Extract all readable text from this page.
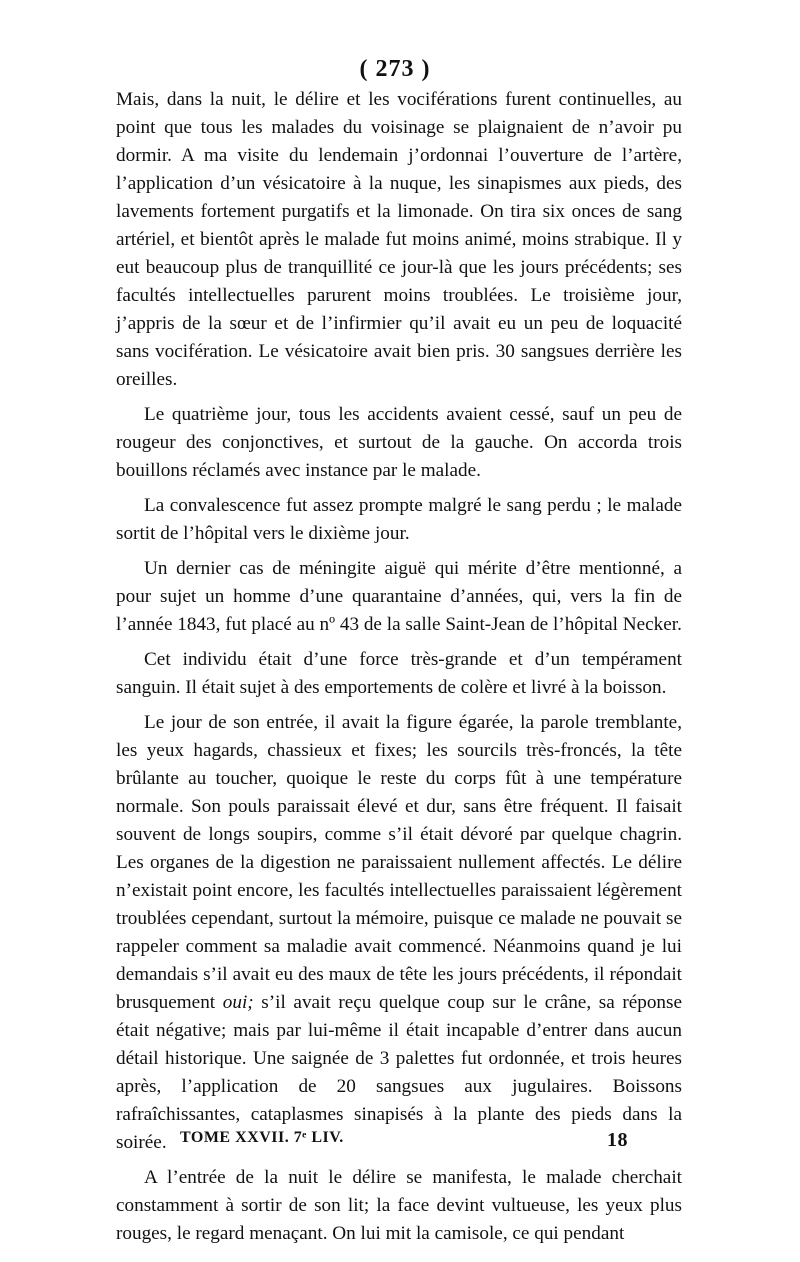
( 273 )

Mais, dans la nuit, le délire et les vociférations furent continuelles, au point que tous les malades du voisinage se plaignaient de n’avoir pu dormir. A ma visite du lendemain j’ordonnai l’ouverture de l’artère, l’application d’un vésicatoire à la nuque, les sinapismes aux pieds, des lavements fortement purgatifs et la limonade. On tira six onces de sang artériel, et bientôt après le malade fut moins animé, moins strabique. Il y eut beaucoup plus de tranquillité ce jour-là que les jours précédents; ses facultés intellectuelles parurent moins troublées. Le troisième jour, j’appris de la sœur et de l’infirmier qu’il avait eu un peu de loquacité sans vocifération. Le vésicatoire avait bien pris. 30 sangsues derrière les oreilles.

Le quatrième jour, tous les accidents avaient cessé, sauf un peu de rougeur des conjonctives, et surtout de la gauche. On accorda trois bouillons réclamés avec instance par le malade.

La convalescence fut assez prompte malgré le sang perdu ; le malade sortit de l’hôpital vers le dixième jour.

Un dernier cas de méningite aiguë qui mérite d’être mentionné, a pour sujet un homme d’une quarantaine d’années, qui, vers la fin de l’année 1843, fut placé au nº 43 de la salle Saint-Jean de l’hôpital Necker.

Cet individu était d’une force très-grande et d’un tempérament sanguin. Il était sujet à des emportements de colère et livré à la boisson.

Le jour de son entrée, il avait la figure égarée, la parole tremblante, les yeux hagards, chassieux et fixes; les sourcils très-froncés, la tête brûlante au toucher, quoique le reste du corps fût à une température normale. Son pouls paraissait élevé et dur, sans être fréquent. Il faisait souvent de longs soupirs, comme s’il était dévoré par quelque chagrin. Les organes de la digestion ne paraissaient nullement affectés. Le délire n’existait point encore, les facultés intellectuelles paraissaient légèrement troublées cependant, surtout la mémoire, puisque ce malade ne pouvait se rappeler comment sa maladie avait commencé. Néanmoins quand je lui demandais s’il avait eu des maux de tête les jours précédents, il répondait brusquement oui; s’il avait reçu quelque coup sur le crâne, sa réponse était négative; mais par lui-même il était incapable d’entrer dans aucun détail historique. Une saignée de 3 palettes fut ordonnée, et trois heures après, l’application de 20 sangsues aux jugulaires. Boissons rafraîchissantes, cataplasmes sinapisés à la plante des pieds dans la soirée.

A l’entrée de la nuit le délire se manifesta, le malade cherchait constamment à sortir de son lit; la face devint vultueuse, les yeux plus rouges, le regard menaçant. On lui mit la camisole, ce qui pendant

TOME XXVII. 7ᵉ LIV.	18
